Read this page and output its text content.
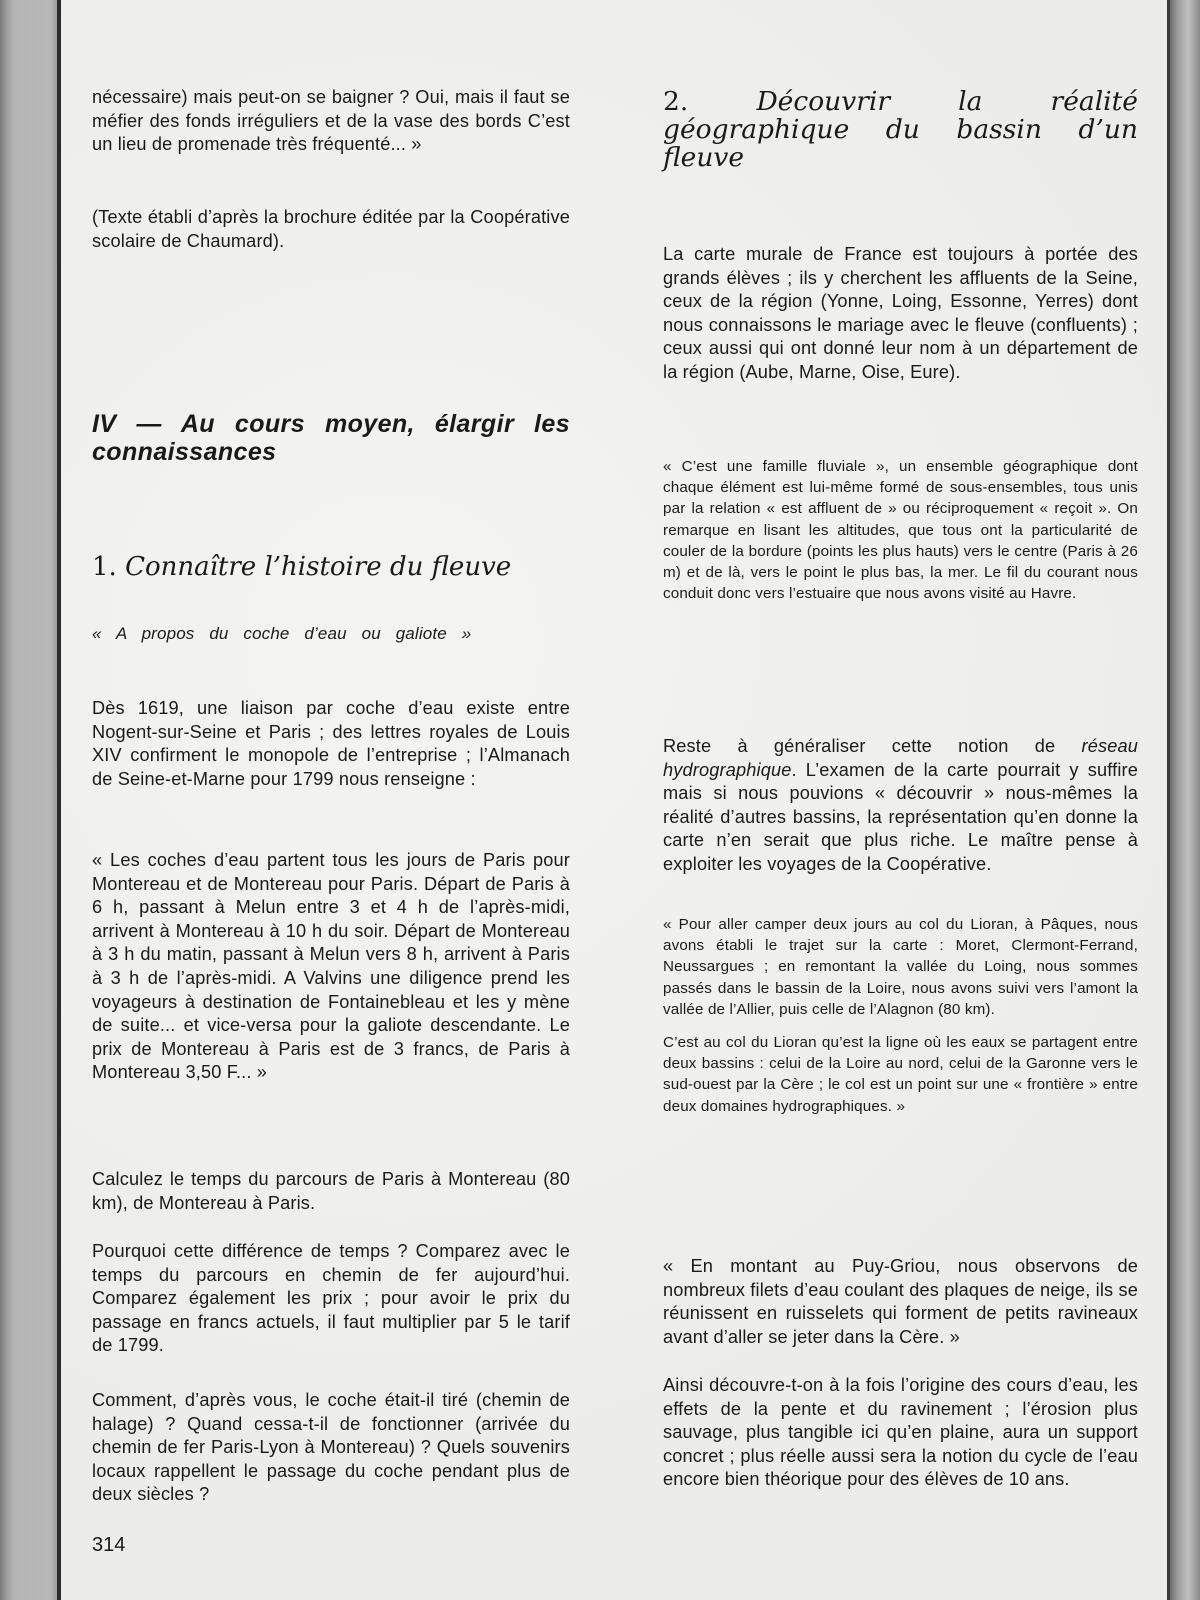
nécessaire) mais peut-on se baigner ? Oui, mais il faut se méfier des fonds irréguliers et de la vase des bords C’est un lieu de promenade très fréquenté... »

(Texte établi d’après la brochure éditée par la Coopérative scolaire de Chaumard).

IV — Au cours moyen, élargir les connaissances
1. Connaître l’histoire du fleuve

« A propos du coche d’eau ou galiote »

Dès 1619, une liaison par coche d’eau existe entre Nogent-sur-Seine et Paris ; des lettres royales de Louis XIV confirment le monopole de l’entreprise ; l’Almanach de Seine-et-Marne pour 1799 nous renseigne :

« Les coches d’eau partent tous les jours de Paris pour Montereau et de Montereau pour Paris. Départ de Paris à 6 h, passant à Melun entre 3 et 4 h de l’après-midi, arrivent à Montereau à 10 h du soir. Départ de Montereau à 3 h du matin, passant à Melun vers 8 h, arrivent à Paris à 3 h de l’après-midi. A Valvins une diligence prend les voyageurs à destination de Fontainebleau et les y mène de suite... et vice-versa pour la galiote descendante. Le prix de Montereau à Paris est de 3 francs, de Paris à Montereau 3,50 F... »

Calculez le temps du parcours de Paris à Montereau (80 km), de Montereau à Paris.

Pourquoi cette différence de temps ? Comparez avec le temps du parcours en chemin de fer aujourd’hui. Comparez également les prix ; pour avoir le prix du passage en francs actuels, il faut multiplier par 5 le tarif de 1799.

Comment, d’après vous, le coche était-il tiré (chemin de halage) ? Quand cessa-t-il de fonctionner (arrivée du chemin de fer Paris-Lyon à Montereau) ? Quels souvenirs locaux rappellent le passage du coche pendant plus de deux siècles ?

314
2.	Découvrir la réalité géographique du bassin d’un fleuve

La carte murale de France est toujours à portée des grands élèves ; ils y cherchent les affluents de la Seine, ceux de la région (Yonne, Loing, Essonne, Yerres) dont nous connaissons le mariage avec le fleuve (confluents) ; ceux aussi qui ont donné leur nom à un département de la région (Aube, Marne, Oise, Eure).

« C’est une famille fluviale », un ensemble géographique dont chaque élément est lui-même formé de sous-ensembles, tous unis par la relation « est affluent de » ou réciproquement « reçoit ». On remarque en lisant les altitudes, que tous ont la particularité de couler de la bordure (points les plus hauts) vers le centre (Paris à 26 m) et de là, vers le point le plus bas, la mer. Le fil du courant nous conduit donc vers l’estuaire que nous avons visité au Havre.

Reste à généraliser cette notion de réseau hydrographique. L’examen de la carte pourrait y suffire mais si nous pouvions « découvrir » nous-mêmes la réalité d’autres bassins, la représentation qu’en donne la carte n’en serait que plus riche. Le maître pense à exploiter les voyages de la Coopérative.

« Pour aller camper deux jours au col du Lioran, à Pâques, nous avons établi le trajet sur la carte : Moret, Clermont-Ferrand, Neussargues ; en remontant la vallée du Loing, nous sommes passés dans le bassin de la Loire, nous avons suivi vers l’amont la vallée de l’Allier, puis celle de l’Alagnon (80 km).

C’est au col du Lioran qu’est la ligne où les eaux se partagent entre deux bassins : celui de la Loire au nord, celui de la Garonne vers le sud-ouest par la Cère ; le col est un point sur une « frontière » entre deux domaines hydrographiques. »

« En montant au Puy-Griou, nous observons de nombreux filets d’eau coulant des plaques de neige, ils se réunissent en ruisselets qui forment de petits ravineaux avant d’aller se jeter dans la Cère. »

Ainsi découvre-t-on à la fois l’origine des cours d’eau, les effets de la pente et du ravinement ; l’érosion plus sauvage, plus tangible ici qu’en plaine, aura un support concret ; plus réelle aussi sera la notion du cycle de l’eau encore bien théorique pour des élèves de 10 ans.
